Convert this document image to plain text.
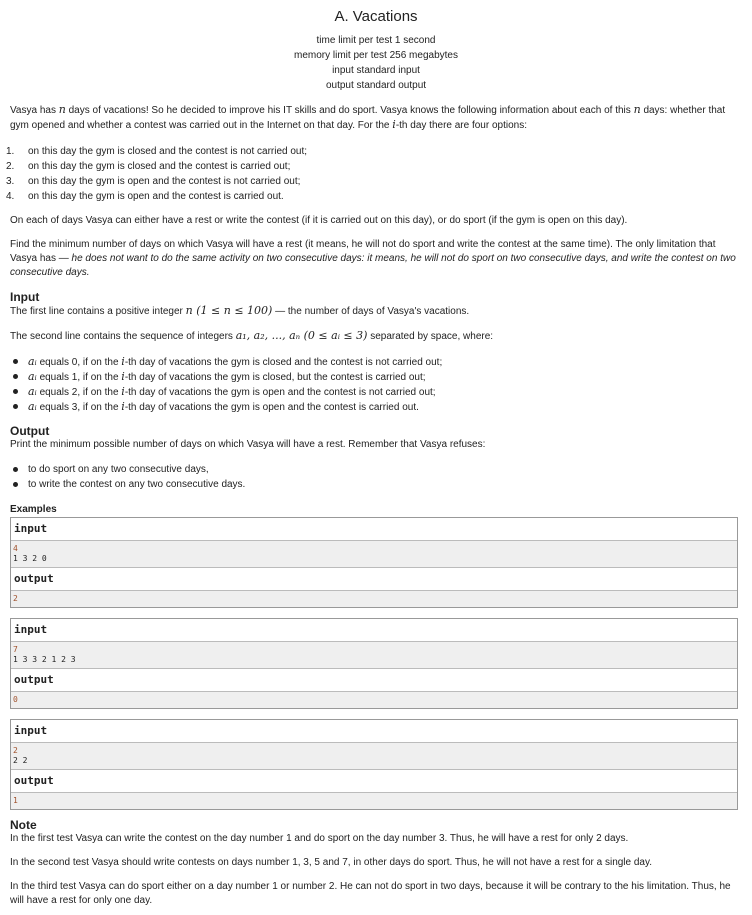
A. Vacations
time limit per test 1 second
memory limit per test 256 megabytes
input standard input
output standard output

Vasya has n days of vacations! So he decided to improve his IT skills and do sport. Vasya knows the following information about each of this n days: whether that gym opened and whether a contest was carried out in the Internet on that day. For the i-th day there are four options:

1. on this day the gym is closed and the contest is not carried out;
2. on this day the gym is closed and the contest is carried out;
3. on this day the gym is open and the contest is not carried out;
4. on this day the gym is open and the contest is carried out.

On each of days Vasya can either have a rest or write the contest (if it is carried out on this day), or do sport (if the gym is open on this day).

Find the minimum number of days on which Vasya will have a rest (it means, he will not do sport and write the contest at the same time). The only limitation that Vasya has — he does not want to do the same activity on two consecutive days: it means, he will not do sport on two consecutive days, and write the contest on two consecutive days.

Input

The first line contains a positive integer n (1 ≤ n ≤ 100) — the number of days of Vasya's vacations.

The second line contains the sequence of integers a₁, a₂, ..., aₙ (0 ≤ aᵢ ≤ 3) separated by space, where:

aᵢ equals 0, if on the i-th day of vacations the gym is closed and the contest is not carried out;
aᵢ equals 1, if on the i-th day of vacations the gym is closed, but the contest is carried out;
aᵢ equals 2, if on the i-th day of vacations the gym is open and the contest is not carried out;
aᵢ equals 3, if on the i-th day of vacations the gym is open and the contest is carried out.
Output

Print the minimum possible number of days on which Vasya will have a rest. Remember that Vasya refuses:

to do sport on any two consecutive days,
to write the contest on any two consecutive days.
Examples
input
4
1 3 2 0
output
2
input
7
1 3 3 2 1 2 3
output
0
input
2
2 2
output
1
Note

In the first test Vasya can write the contest on the day number 1 and do sport on the day number 3. Thus, he will have a rest for only 2 days.

In the second test Vasya should write contests on days number 1, 3, 5 and 7, in other days do sport. Thus, he will not have a rest for a single day.

In the third test Vasya can do sport either on a day number 1 or number 2. He can not do sport in two days, because it will be contrary to the his limitation. Thus, he will have a rest for only one day.
